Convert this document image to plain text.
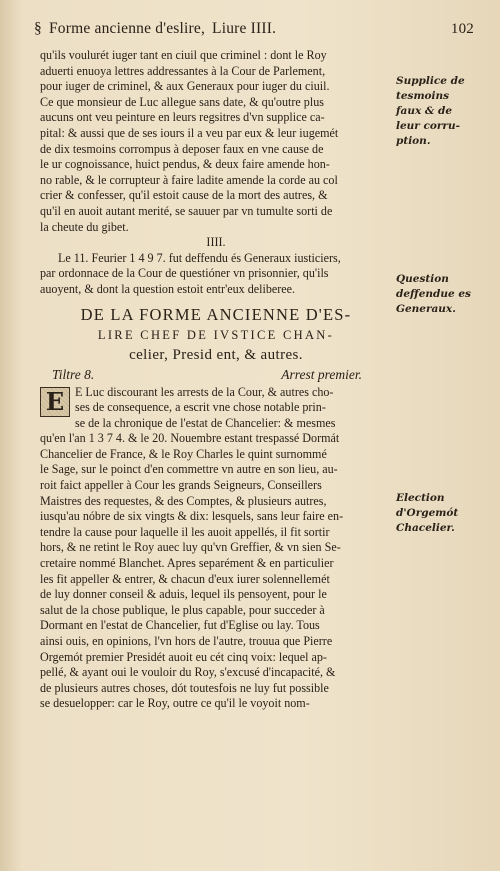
§ Forme ancienne d'eslire, Liure IIII.	102
qu'ils voulurét iuger tant en ciuil que criminel : dont le Roy
aduerti enuoya lettres addressantes à la Cour de Parlement,
pour iuger de criminel, & aux Generaux pour iuger du ciuil.
Ce que monsieur de Luc allegue sans date, & qu'outre plus
aucuns ont veu peinture en leurs regsitres d'vn supplice ca-
pital: & aussi que de ses iours il a veu par eux & leur iugemét
de dix tesmoins corrompus à deposer faux en vne cause de
le ur cognoissance, huict pendus, & deux faire amende hon-
no rable, & le corrupteur à faire ladite amende la corde au col
crier & confesser, qu'il estoit cause de la mort des autres, &
qu'il en auoit autant merité, se sauuer par vn tumulte sorti de
la cheute du gibet.
IIII.
Le 11. Feurier 1 4 9 7. fut deffendu és Generaux iusticiers,
par ordonnace de la Cour de questióner vn prisonnier, qu'ils
auoyent, & dont la question estoit entr'eux deliberee.
DE LA FORME ANCIENNE D'ES-
LIRE CHEF DE IVSTICE CHAN-
celier, Presid ent, & autres.
Tiltre 8.	Arrest premier.
E E Luc discourant les arrests de la Cour, & autres cho-
ses de consequence, a escrit vne chose notable prin-
se de la chronique de l'estat de Chancelier: & mesmes
qu'en l'an 1 3 7 4. & le 20. Nouembre estant trespassé Dormát
Chancelier de France, & le Roy Charles le quint surnommé
le Sage, sur le poinct d'en commettre vn autre en son lieu, au-
roit faict appeller à Cour les grands Seigneurs, Conseillers
Maistres des requestes, & des Comptes, & plusieurs autres,
iusqu'au nóbre de six vingts & dix: lesquels, sans leur faire en-
tendre la cause pour laquelle il les auoit appellés, il fit sortir
hors, & ne retint le Roy auec luy qu'vn Greffier, & vn sien Se-
cretaire nommé Blanchet. Apres separément & en particulier
les fit appeller & entrer, & chacun d'eux iurer solennellemét
de luy donner conseil & aduis, lequel ils pensoyent, pour le
salut de la chose publique, le plus capable, pour succeder à
Dormant en l'estat de Chancelier, fut d'Eglise ou lay. Tous
ainsi ouis, en opinions, l'vn hors de l'autre, trouua que Pierre
Orgemót premier Presidét auoit eu cét cinq voix: lequel ap-
pellé, & ayant oui le vouloir du Roy, s'excusé d'incapacité, &
de plusieurs autres choses, dót toutesfois ne luy fut possible
se desuelopper: car le Roy, outre ce qu'il le voyoit nom-
Supplice de
tesmoins
faux & de
leur corru-
ption.
Question
deffendue es
Generaux.
Election
d'Orgemót
Chacelier.
